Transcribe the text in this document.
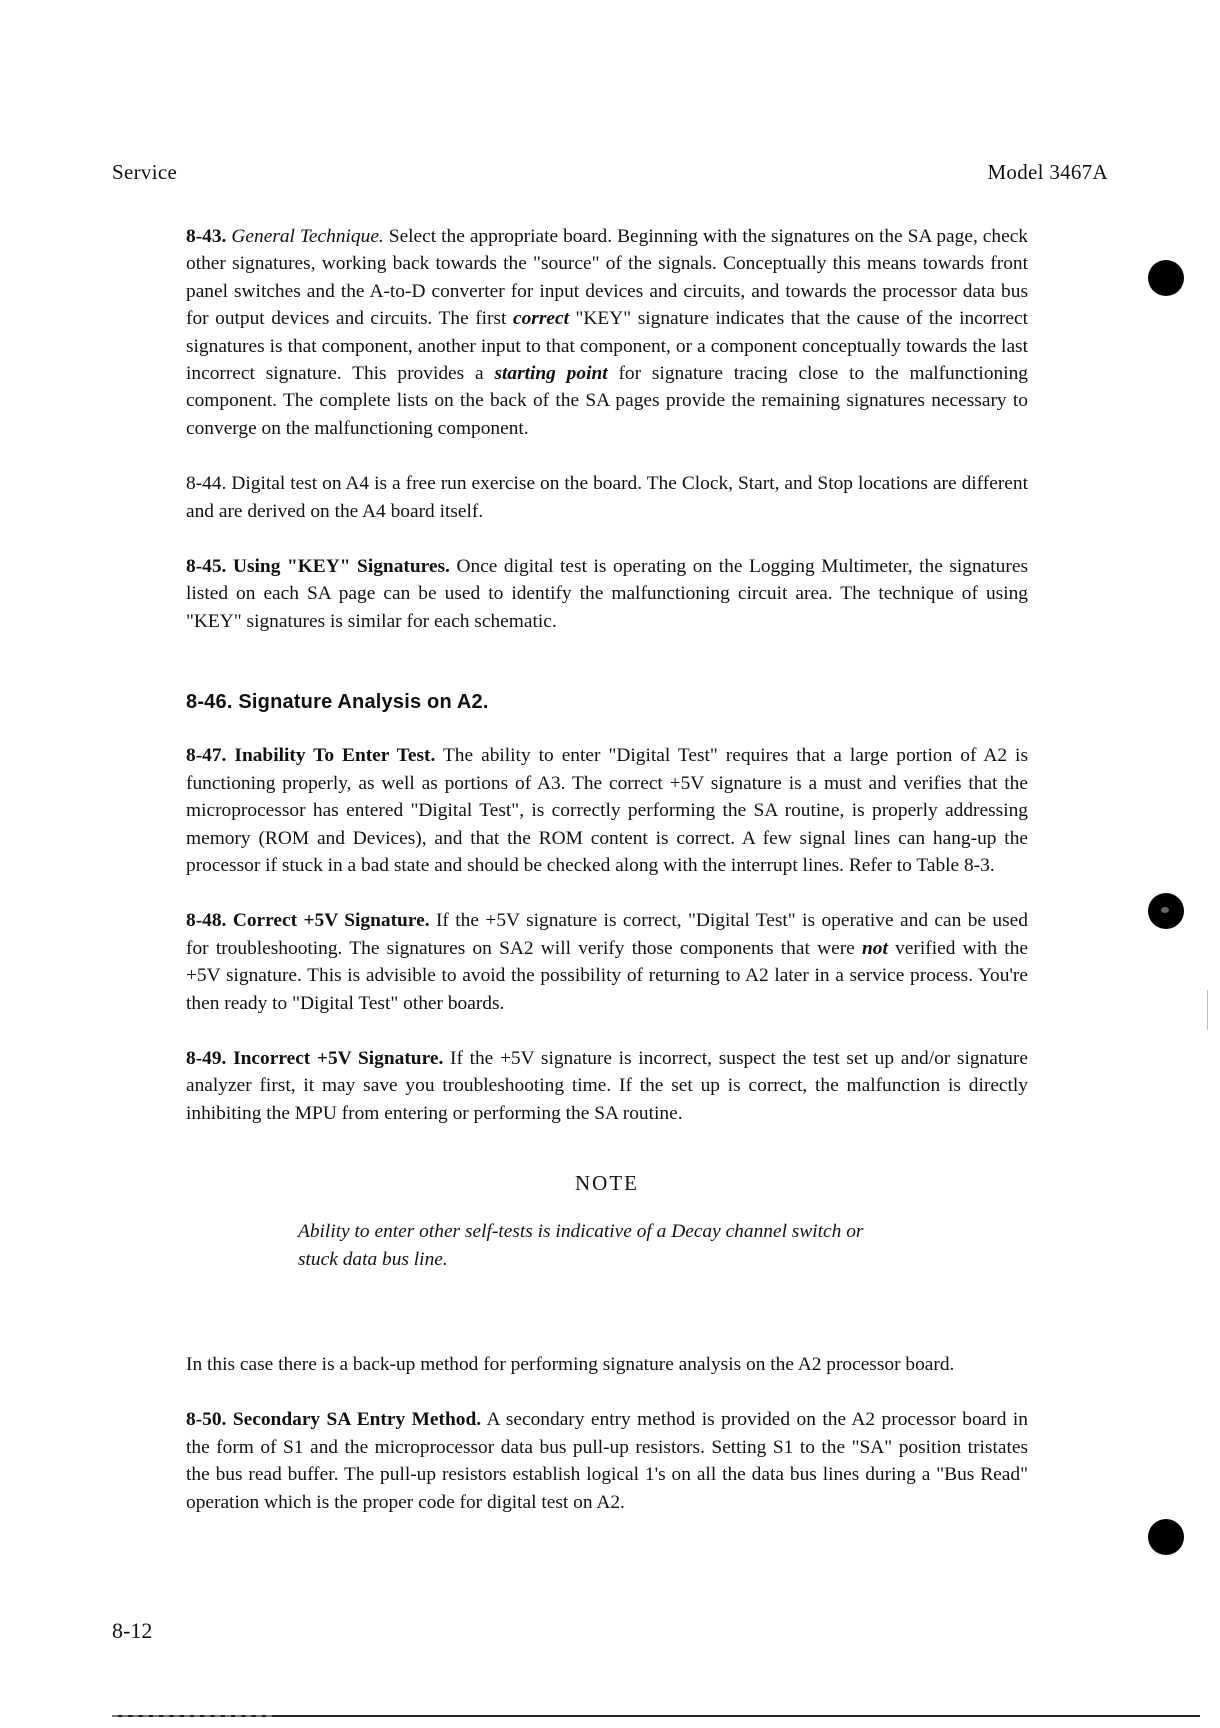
Service	Model 3467A

8-43. General Technique. Select the appropriate board. Beginning with the signatures on the SA page, check other signatures, working back towards the "source" of the signals. Conceptually this means towards front panel switches and the A-to-D converter for input devices and circuits, and towards the processor data bus for output devices and circuits. The first correct "KEY" signature indicates that the cause of the incorrect signatures is that component, another input to that component, or a component conceptually towards the last incorrect signature. This provides a starting point for signature tracing close to the malfunctioning component. The complete lists on the back of the SA pages provide the remaining signatures necessary to converge on the malfunctioning component.

8-44. Digital test on A4 is a free run exercise on the board. The Clock, Start, and Stop locations are different and are derived on the A4 board itself.

8-45. Using "KEY" Signatures. Once digital test is operating on the Logging Multimeter, the signatures listed on each SA page can be used to identify the malfunctioning circuit area. The technique of using "KEY" signatures is similar for each schematic.

8-46. Signature Analysis on A2.

8-47. Inability To Enter Test. The ability to enter "Digital Test" requires that a large portion of A2 is functioning properly, as well as portions of A3. The correct +5V signature is a must and verifies that the microprocessor has entered "Digital Test", is correctly performing the SA routine, is properly addressing memory (ROM and Devices), and that the ROM content is correct. A few signal lines can hang-up the processor if stuck in a bad state and should be checked along with the interrupt lines. Refer to Table 8-3.

8-48. Correct +5V Signature. If the +5V signature is correct, "Digital Test" is operative and can be used for troubleshooting. The signatures on SA2 will verify those components that were not verified with the +5V signature. This is advisible to avoid the possibility of returning to A2 later in a service process. You're then ready to "Digital Test" other boards.

8-49. Incorrect +5V Signature. If the +5V signature is incorrect, suspect the test set up and/or signature analyzer first, it may save you troubleshooting time. If the set up is correct, the malfunction is directly inhibiting the MPU from entering or performing the SA routine.

NOTE
Ability to enter other self-tests is indicative of a Decay channel switch or stuck data bus line.

In this case there is a back-up method for performing signature analysis on the A2 processor board.

8-50. Secondary SA Entry Method. A secondary entry method is provided on the A2 processor board in the form of S1 and the microprocessor data bus pull-up resistors. Setting S1 to the "SA" position tristates the bus read buffer. The pull-up resistors establish logical 1's on all the data bus lines during a "Bus Read" operation which is the proper code for digital test on A2.

8-12
